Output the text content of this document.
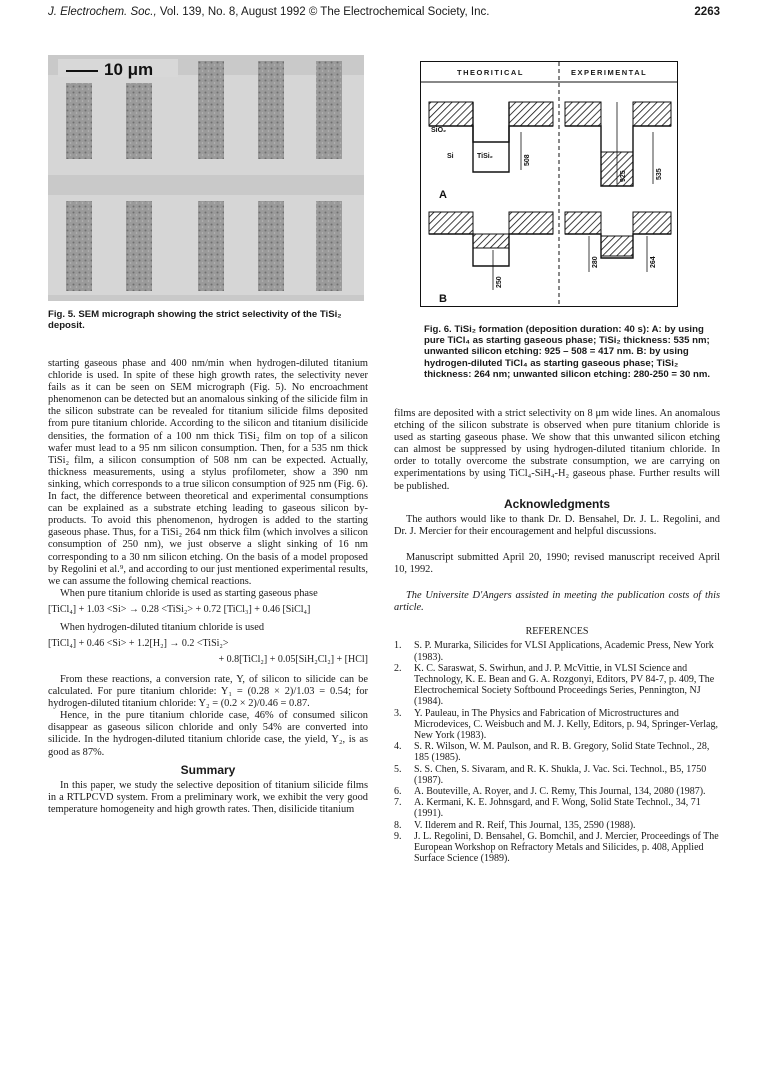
J. Electrochem. Soc., Vol. 139, No. 8, August 1992 © The Electrochemical Society, Inc.	2263
10 μm
Fig. 5. SEM micrograph showing the strict selectivity of the TiSi₂ deposit.
THEORITICAL	EXPERIMENTAL
SiO₂
Si	TiSi₂
A
B
508
925	535
250
280	264
Fig. 6. TiSi₂ formation (deposition duration: 40 s): A: by using pure TiCl₄ as starting gaseous phase; TiSi₂ thickness: 535 nm; unwanted silicon etching: 925 – 508 = 417 nm. B: by using hydrogen-diluted TiCl₄ as starting gaseous phase; TiSi₂ thickness: 264 nm; unwanted silicon etching: 280-250 = 30 nm.

starting gaseous phase and 400 nm/min when hydrogen-diluted titanium chloride is used. In spite of these high growth rates, the selectivity never fails as it can be seen on SEM micrograph (Fig. 5). No encroachment phenomenon can be detected but an anomalous sinking of the silicide film in the silicon substrate can be revealed for titanium silicide films deposited from pure titanium chloride. According to the silicon and titanium disilicide densities, the formation of a 100 nm thick TiSi₂ film on top of a silicon wafer must lead to a 95 nm silicon consumption. Then, for a 535 nm thick TiSi₂ film, a silicon consumption of 508 nm can be expected. Actually, thickness measurements, using a stylus profilometer, show a 390 nm sinking, which corresponds to a true silicon consumption of 925 nm (Fig. 6). In fact, the difference between theoretical and experimental consumptions can be explained as a substrate etching leading to gaseous silicon by-products. To avoid this phenomenon, hydrogen is added to the starting gaseous phase. Thus, for a TiSi₂ 264 nm thick film (which involves a silicon consumption of 250 nm), we just observe a slight sinking of 16 nm corresponding to a 30 nm silicon etching. On the basis of a model proposed by Regolini et al.⁹, and according to our just mentioned experimental results, we can assume the following chemical reactions.

When pure titanium chloride is used as starting gaseous phase

[TiCl₄] + 1.03 <Si> → 0.28 <TiSi₂> + 0.72 [TiCl₃] + 0.46 [SiCl₄]

When hydrogen-diluted titanium chloride is used

[TiCl₄] + 0.46 <Si> + 1.2[H₂] → 0.2 <TiSi₂>

+ 0.8[TiCl₂] + 0.05[SiH₂Cl₂] + [HCl]

From these reactions, a conversion rate, Y, of silicon to silicide can be calculated. For pure titanium chloride: Y₁ = (0.28 × 2)/1.03 = 0.54; for hydrogen-diluted titanium chloride: Y₂ = (0.2 × 2)/0.46 = 0.87.

Hence, in the pure titanium chloride case, 46% of consumed silicon disappear as gaseous silicon chloride and only 54% are converted into silicide. In the hydrogen-diluted titanium chloride case, the yield, Y₂, is as good as 87%.

Summary

In this paper, we study the selective deposition of titanium silicide films in a RTLPCVD system. From a preliminary work, we exhibit the very good temperature homogeneity and high growth rates. Then, disilicide titanium

films are deposited with a strict selectivity on 8 μm wide lines. An anomalous etching of the silicon substrate is observed when pure titanium chloride is used as starting gaseous phase. We show that this unwanted silicon etching can almost be suppressed by using hydrogen-diluted titanium chloride. In order to totally overcome the substrate consumption, we are carrying on experimentations by using TiCl₄-SiH₄-H₂ gaseous phase. Further results will be published.

Acknowledgments

The authors would like to thank Dr. D. Bensahel, Dr. J. L. Regolini, and Dr. J. Mercier for their encouragement and helpful discussions.

Manuscript submitted April 20, 1990; revised manuscript received April 10, 1992.

The Universite D'Angers assisted in meeting the publication costs of this article.

REFERENCES
1. S. P. Murarka, Silicides for VLSI Applications, Academic Press, New York (1983).
2. K. C. Saraswat, S. Swirhun, and J. P. McVittie, in VLSI Science and Technology, K. E. Bean and G. A. Rozgonyi, Editors, PV 84-7, p. 409, The Electrochemical Society Softbound Proceedings Series, Pennington, NJ (1984).
3. Y. Pauleau, in The Physics and Fabrication of Microstructures and Microdevices, C. Weisbuch and M. J. Kelly, Editors, p. 94, Springer-Verlag, New York (1983).
4. S. R. Wilson, W. M. Paulson, and R. B. Gregory, Solid State Technol., 28, 185 (1985).
5. S. S. Chen, S. Sivaram, and R. K. Shukla, J. Vac. Sci. Technol., B5, 1750 (1987).
6. A. Bouteville, A. Royer, and J. C. Remy, This Journal, 134, 2080 (1987).
7. A. Kermani, K. E. Johnsgard, and F. Wong, Solid State Technol., 34, 71 (1991).
8. V. Ilderem and R. Reif, This Journal, 135, 2590 (1988).
9. J. L. Regolini, D. Bensahel, G. Bomchil, and J. Mercier, Proceedings of The European Workshop on Refractory Metals and Silicides, p. 408, Applied Surface Science (1989).
